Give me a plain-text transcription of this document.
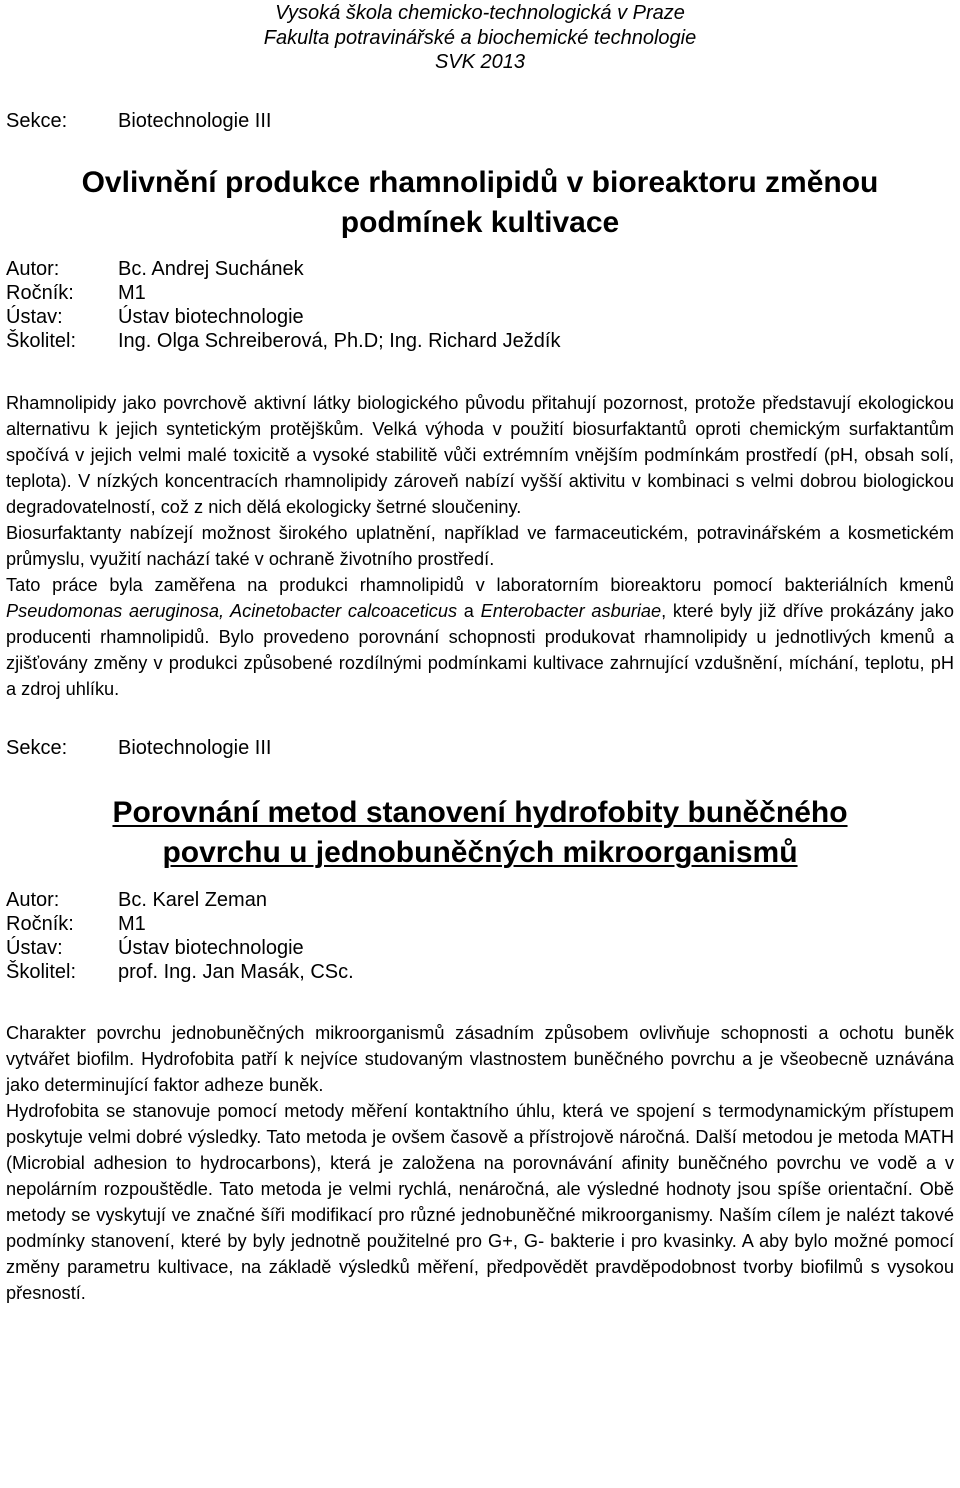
Vysoká škola chemicko-technologická v Praze
Fakulta potravinářské a biochemické technologie
SVK 2013
Sekce:	Biotechnologie III
Ovlivnění produkce rhamnolipidů v bioreaktoru změnou
podmínek kultivace
Autor:	Bc. Andrej Suchánek
Ročník:	M1
Ústav:	Ústav biotechnologie
Školitel:	Ing. Olga Schreiberová, Ph.D; Ing. Richard Ježdík

Rhamnolipidy jako povrchově aktivní látky biologického původu přitahují pozornost, protože představují ekologickou alternativu k jejich syntetickým protějškům. Velká výhoda v použití biosurfaktantů oproti chemickým surfaktantům spočívá v jejich velmi malé toxicitě a vysoké stabilitě vůči extrémním vnějším podmínkám prostředí (pH, obsah solí, teplota). V nízkých koncentracích rhamnolipidy zároveň nabízí vyšší aktivitu v kombinaci s velmi dobrou biologickou degradovatelností, což z nich dělá ekologicky šetrné sloučeniny.

Biosurfaktanty nabízejí možnost širokého uplatnění, například ve farmaceutickém, potravinářském a kosmetickém průmyslu, využití nachází také v ochraně životního prostředí.

Tato práce byla zaměřena na produkci rhamnolipidů v laboratorním bioreaktoru pomocí bakteriálních kmenů Pseudomonas aeruginosa, Acinetobacter calcoaceticus a Enterobacter asburiae, které byly již dříve prokázány jako producenti rhamnolipidů. Bylo provedeno porovnání schopnosti produkovat rhamnolipidy u jednotlivých kmenů a zjišťovány změny v produkci způsobené rozdílnými podmínkami kultivace zahrnující vzdušnění, míchání, teplotu, pH a zdroj uhlíku.

Sekce:	Biotechnologie III
Porovnání metod stanovení hydrofobity buněčného
povrchu u jednobuněčných mikroorganismů
Autor:	Bc. Karel Zeman
Ročník:	M1
Ústav:	Ústav biotechnologie
Školitel:	prof. Ing. Jan Masák, CSc.

Charakter povrchu jednobuněčných mikroorganismů zásadním způsobem ovlivňuje schopnosti a ochotu buněk vytvářet biofilm. Hydrofobita patří k nejvíce studovaným vlastnostem buněčného povrchu a je všeobecně uznávána jako determinující faktor adheze buněk.

Hydrofobita se stanovuje pomocí metody měření kontaktního úhlu, která ve spojení s termodynamickým přístupem poskytuje velmi dobré výsledky. Tato metoda je ovšem časově a přístrojově náročná. Další metodou je metoda MATH (Microbial adhesion to hydrocarbons), která je založena na porovnávání afinity buněčného povrchu ve vodě a v nepolárním rozpouštědle. Tato metoda je velmi rychlá, nenáročná, ale výsledné hodnoty jsou spíše orientační. Obě metody se vyskytují ve značné šíři modifikací pro různé jednobuněčné mikroorganismy. Naším cílem je nalézt takové podmínky stanovení, které by byly jednotně použitelné pro G+, G- bakterie i pro kvasinky. A aby bylo možné pomocí změny parametru kultivace, na základě výsledků měření, předpovědět pravděpodobnost tvorby biofilmů s vysokou přesností.
